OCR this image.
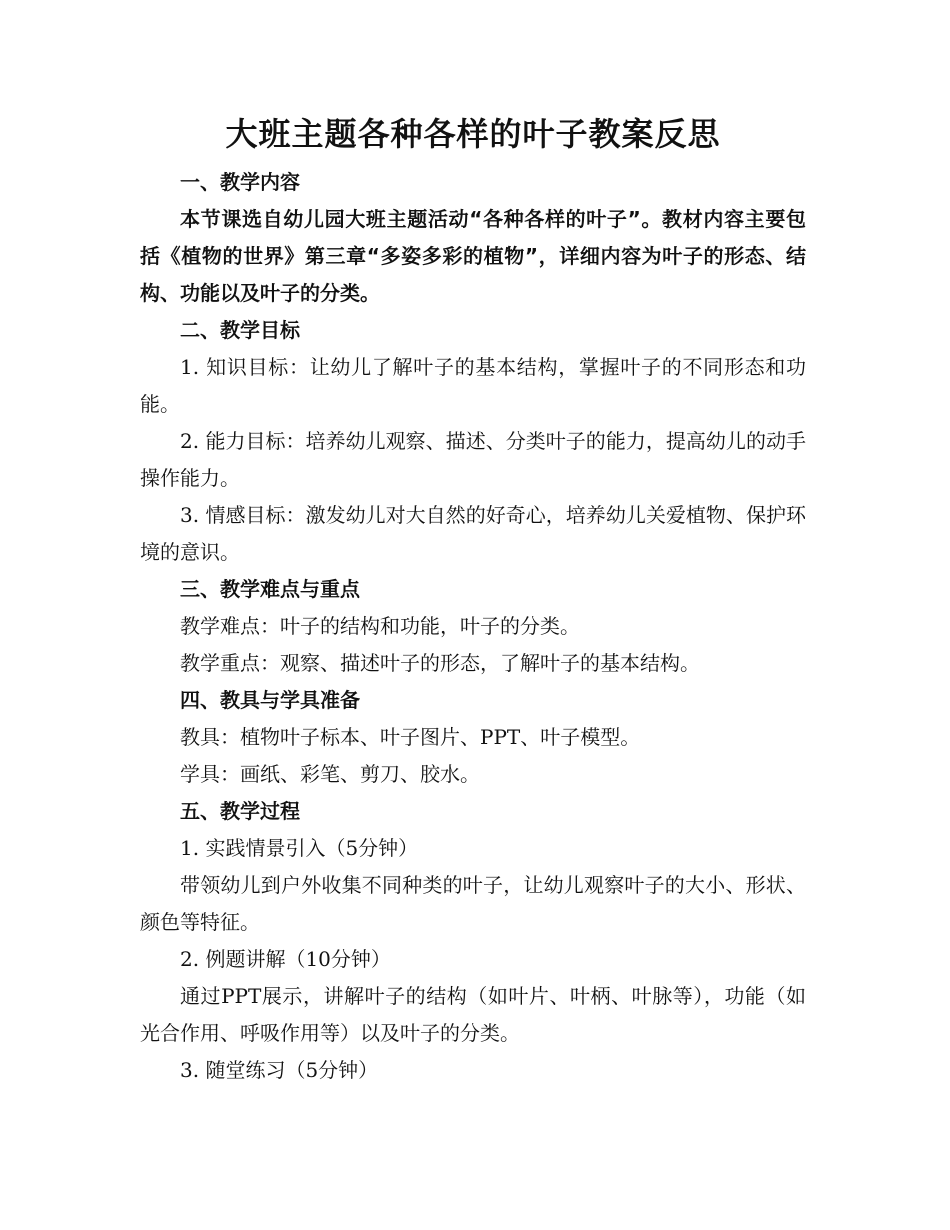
大班主题各种各样的叶子教案反思

一、教学内容

本节课选自幼儿园大班主题活动“各种各样的叶子”。教材内容主要包括《植物的世界》第三章“多姿多彩的植物”，详细内容为叶子的形态、结构、功能以及叶子的分类。

二、教学目标

1. 知识目标：让幼儿了解叶子的基本结构，掌握叶子的不同形态和功能。

2. 能力目标：培养幼儿观察、描述、分类叶子的能力，提高幼儿的动手操作能力。

3. 情感目标：激发幼儿对大自然的好奇心，培养幼儿关爱植物、保护环境的意识。

三、教学难点与重点

教学难点：叶子的结构和功能，叶子的分类。

教学重点：观察、描述叶子的形态，了解叶子的基本结构。

四、教具与学具准备

教具：植物叶子标本、叶子图片、PPT、叶子模型。

学具：画纸、彩笔、剪刀、胶水。

五、教学过程

1. 实践情景引入（5分钟）

带领幼儿到户外收集不同种类的叶子，让幼儿观察叶子的大小、形状、颜色等特征。

2. 例题讲解（10分钟）

通过PPT展示，讲解叶子的结构（如叶片、叶柄、叶脉等），功能（如光合作用、呼吸作用等）以及叶子的分类。

3. 随堂练习（5分钟）
